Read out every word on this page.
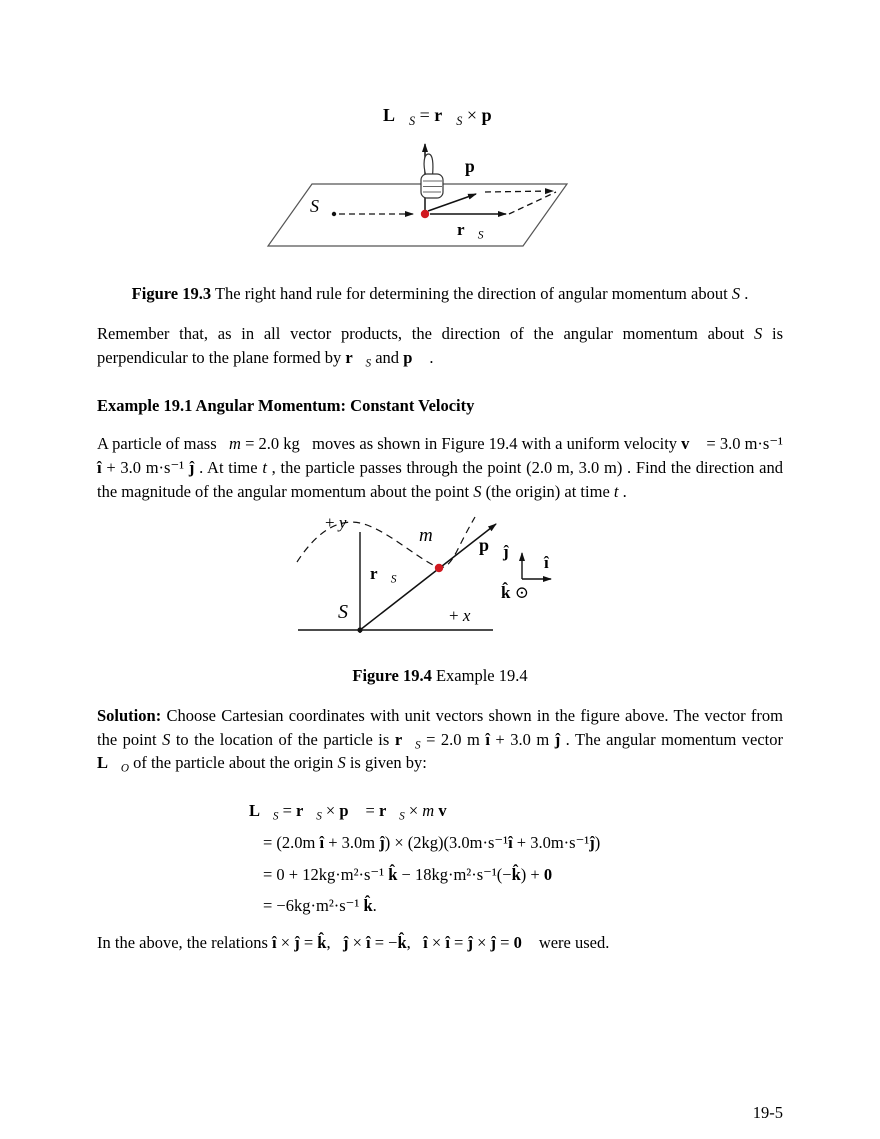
$L⃗_S$ = $r⃗_S$ × p⃗
S
$r⃗_S$
p⃗
Figure 19.3 The right hand rule for determining the direction of angular momentum about S .

Remember that, as in all vector products, the direction of the angular momentum about S is perpendicular to the plane formed by $r⃗_S$ and p⃗ .

Example 19.1 Angular Momentum: Constant Velocity

A particle of mass  m = 2.0 kg  moves as shown in Figure 19.4 with a uniform velocity v⃗ = 3.0 m·s⁻¹ î + 3.0 m·s⁻¹ ĵ . At time t , the particle passes through the point (2.0 m, 3.0 m) . Find the direction and the magnitude of the angular momentum about the point S (the origin) at time t .

+ y
+ x
S
m	p⃗
$r⃗_S$
ĵ
î
k̂ ⊙
Figure 19.4 Example 19.4

Solution: Choose Cartesian coordinates with unit vectors shown in the figure above. The vector from the point S to the location of the particle is $r⃗_S = 2.0$ m î + 3.0 m ĵ . The angular momentum vector $L⃗_O$ of the particle about the origin S is given by:

$L⃗_S$ = $r⃗_S$ × p⃗ = $r⃗_S \times m$ v⃗
= (2.0m î + 3.0m ĵ) × (2kg)(3.0m·s⁻¹î + 3.0m·s⁻¹ĵ)
= 0 + 12kg·m²·s⁻¹ k̂ − 18kg·m²·s⁻¹(−k̂) + 0⃗
= −6kg·m²·s⁻¹ k̂.

In the above, the relations î × ĵ = k̂,  ĵ × î = −k̂,  î × î = ĵ × ĵ = 0⃗ were used.

19-5
